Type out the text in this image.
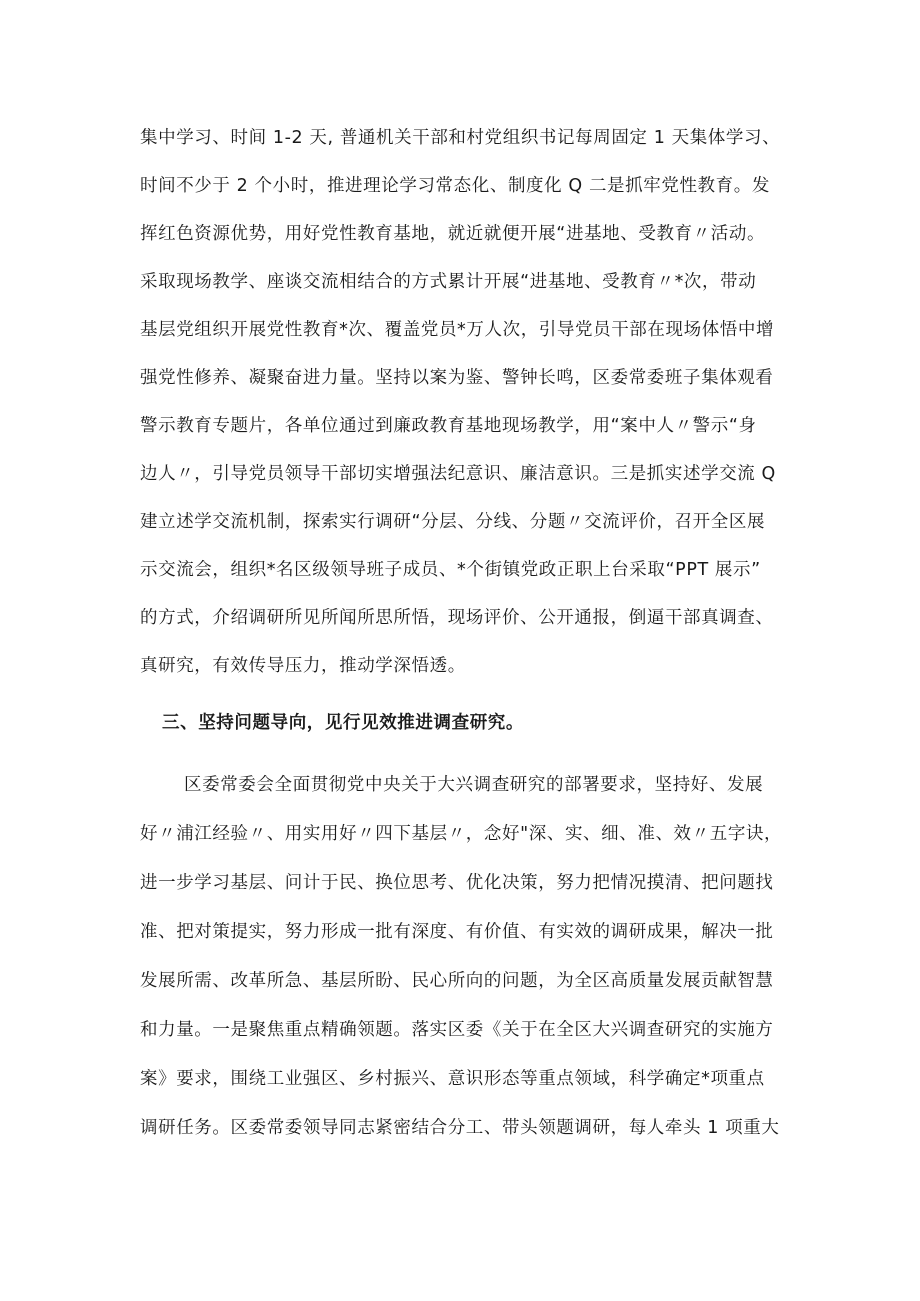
集中学习、时间 1-2 天, 普通机关干部和村党组织书记每周固定 1 天集体学习、
时间不少于 2 个小时，推进理论学习常态化、制度化 Q 二是抓牢党性教育。发
挥红色资源优势，用好党性教育基地，就近就便开展“进基地、受教育〃活动。
采取现场教学、座谈交流相结合的方式累计开展“进基地、受教育〃*次，带动
基层党组织开展党性教育*次、覆盖党员*万人次，引导党员干部在现场体悟中增
强党性修养、凝聚奋进力量。坚持以案为鉴、警钟长鸣，区委常委班子集体观看
警示教育专题片，各单位通过到廉政教育基地现场教学，用“案中人〃警示“身
边人〃，引导党员领导干部切实增强法纪意识、廉洁意识。三是抓实述学交流 Q
建立述学交流机制，探索实行调研“分层、分线、分题〃交流评价，召开全区展
示交流会，组织*名区级领导班子成员、*个街镇党政正职上台采取“PPT 展示”
的方式，介绍调研所见所闻所思所悟，现场评价、公开通报，倒逼干部真调查、
真研究，有效传导压力，推动学深悟透。
三、坚持问题导向，见行见效推进调查研究。
区委常委会全面贯彻党中央关于大兴调查研究的部署要求，坚持好、发展
好〃浦江经验〃、用实用好〃四下基层〃，念好"深、实、细、准、效〃五字诀，
进一步学习基层、问计于民、换位思考、优化决策，努力把情况摸清、把问题找
准、把对策提实，努力形成一批有深度、有价值、有实效的调研成果，解决一批
发展所需、改革所急、基层所盼、民心所向的问题，为全区高质量发展贡献智慧
和力量。一是聚焦重点精确领题。落实区委《关于在全区大兴调查研究的实施方
案》要求，围绕工业强区、乡村振兴、意识形态等重点领域，科学确定*项重点
调研任务。区委常委领导同志紧密结合分工、带头领题调研，每人牵头 1 项重大
